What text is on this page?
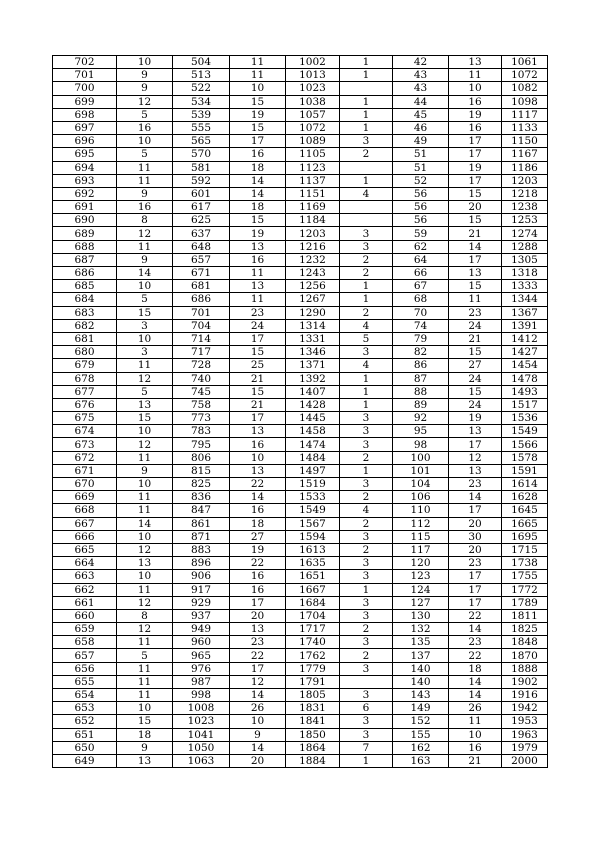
702	10	504	11	1002	1	42	13	1061
701	9	513	11	1013	1	43	11	1072
700	9	522	10	1023		43	10	1082
699	12	534	15	1038	1	44	16	1098
698	5	539	19	1057	1	45	19	1117
697	16	555	15	1072	1	46	16	1133
696	10	565	17	1089	3	49	17	1150
695	5	570	16	1105	2	51	17	1167
694	11	581	18	1123		51	19	1186
693	11	592	14	1137	1	52	17	1203
692	9	601	14	1151	4	56	15	1218
691	16	617	18	1169		56	20	1238
690	8	625	15	1184		56	15	1253
689	12	637	19	1203	3	59	21	1274
688	11	648	13	1216	3	62	14	1288
687	9	657	16	1232	2	64	17	1305
686	14	671	11	1243	2	66	13	1318
685	10	681	13	1256	1	67	15	1333
684	5	686	11	1267	1	68	11	1344
683	15	701	23	1290	2	70	23	1367
682	3	704	24	1314	4	74	24	1391
681	10	714	17	1331	5	79	21	1412
680	3	717	15	1346	3	82	15	1427
679	11	728	25	1371	4	86	27	1454
678	12	740	21	1392	1	87	24	1478
677	5	745	15	1407	1	88	15	1493
676	13	758	21	1428	1	89	24	1517
675	15	773	17	1445	3	92	19	1536
674	10	783	13	1458	3	95	13	1549
673	12	795	16	1474	3	98	17	1566
672	11	806	10	1484	2	100	12	1578
671	9	815	13	1497	1	101	13	1591
670	10	825	22	1519	3	104	23	1614
669	11	836	14	1533	2	106	14	1628
668	11	847	16	1549	4	110	17	1645
667	14	861	18	1567	2	112	20	1665
666	10	871	27	1594	3	115	30	1695
665	12	883	19	1613	2	117	20	1715
664	13	896	22	1635	3	120	23	1738
663	10	906	16	1651	3	123	17	1755
662	11	917	16	1667	1	124	17	1772
661	12	929	17	1684	3	127	17	1789
660	8	937	20	1704	3	130	22	1811
659	12	949	13	1717	2	132	14	1825
658	11	960	23	1740	3	135	23	1848
657	5	965	22	1762	2	137	22	1870
656	11	976	17	1779	3	140	18	1888
655	11	987	12	1791		140	14	1902
654	11	998	14	1805	3	143	14	1916
653	10	1008	26	1831	6	149	26	1942
652	15	1023	10	1841	3	152	11	1953
651	18	1041	9	1850	3	155	10	1963
650	9	1050	14	1864	7	162	16	1979
649	13	1063	20	1884	1	163	21	2000
